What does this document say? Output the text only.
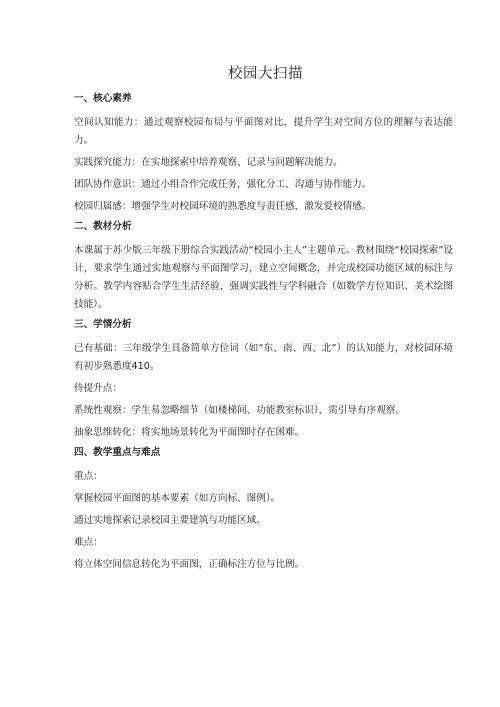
校园大扫描
一、核心素养
空间认知能力：通过观察校园布局与平面图对比，提升学生对空间方位的理解与表达能力。
实践探究能力：在实地探索中培养观察、记录与问题解决能力。
团队协作意识：通过小组合作完成任务，强化分工、沟通与协作能力。
校园归属感：增强学生对校园环境的熟悉度与责任感，激发爱校情感。
二、教材分析
本课属于苏少版三年级下册综合实践活动“校园小主人”主题单元。教材围绕“校园探索”设计，要求学生通过实地观察与平面图学习，建立空间概念，并完成校园功能区域的标注与分析。教学内容贴合学生生活经验，强调实践性与学科融合（如数学方位知识、美术绘图技能）。
三、学情分析
已有基础：三年级学生具备简单方位词（如“东、南、西、北”）的认知能力，对校园环境有初步熟悉度410。
待提升点：
系统性观察：学生易忽略细节（如楼梯间、功能教室标识），需引导有序观察。
抽象思维转化：将实地场景转化为平面图时存在困难。
四、教学重点与难点
重点：
掌握校园平面图的基本要素（如方向标、图例）。
通过实地探索记录校园主要建筑与功能区域。
难点：
将立体空间信息转化为平面图，正确标注方位与比例。
